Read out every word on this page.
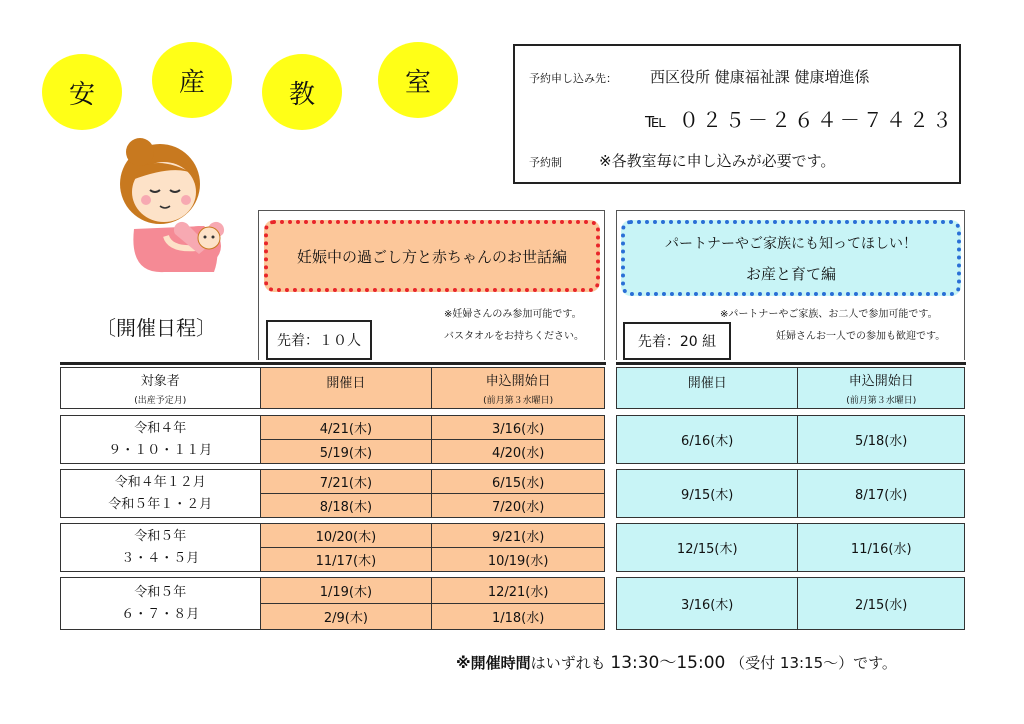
安	産	教	室	予約申し込み先： 西区役所 健康福祉課 健康増進係
℡ ０２５－２６４－７４２３
予約制 ※各教室毎に申し込みが必要です。
〔開催日程〕
妊娠中の過ごし方と赤ちゃんのお世話編
※妊婦さんのみ参加可能です。
バスタオルをお持ちください。
先着：１０人
パートナーやご家族にも知ってほしい！
お産と育て編
※パートナーやご家族、お二人で参加可能です。
妊婦さんお一人での参加も歓迎です。
先着：20 組
対象者
(出産予定月)	開催日	申込開始日
(前月第３水曜日)

令和４年
９・１０・１１月	4/21(木)	3/16(水)
	5/19(木)	4/20(水)

令和４年１２月
令和５年１・２月	7/21(木)	6/15(水)
	8/18(木)	7/20(水)

令和５年
３・４・５月	10/20(木)	9/21(水)
	11/17(木)	10/19(水)

令和５年
６・７・８月	1/19(木)	12/21(水)
	2/9(木)	1/18(水)
開催日	申込開始日
(前月第３水曜日)

6/16(木)	5/18(水)

9/15(木)	8/17(水)

12/15(木)	11/16(水)

3/16(木)	2/15(水)
※開催時間はいずれも 13:30～15:00 （受付 13:15～）です。
